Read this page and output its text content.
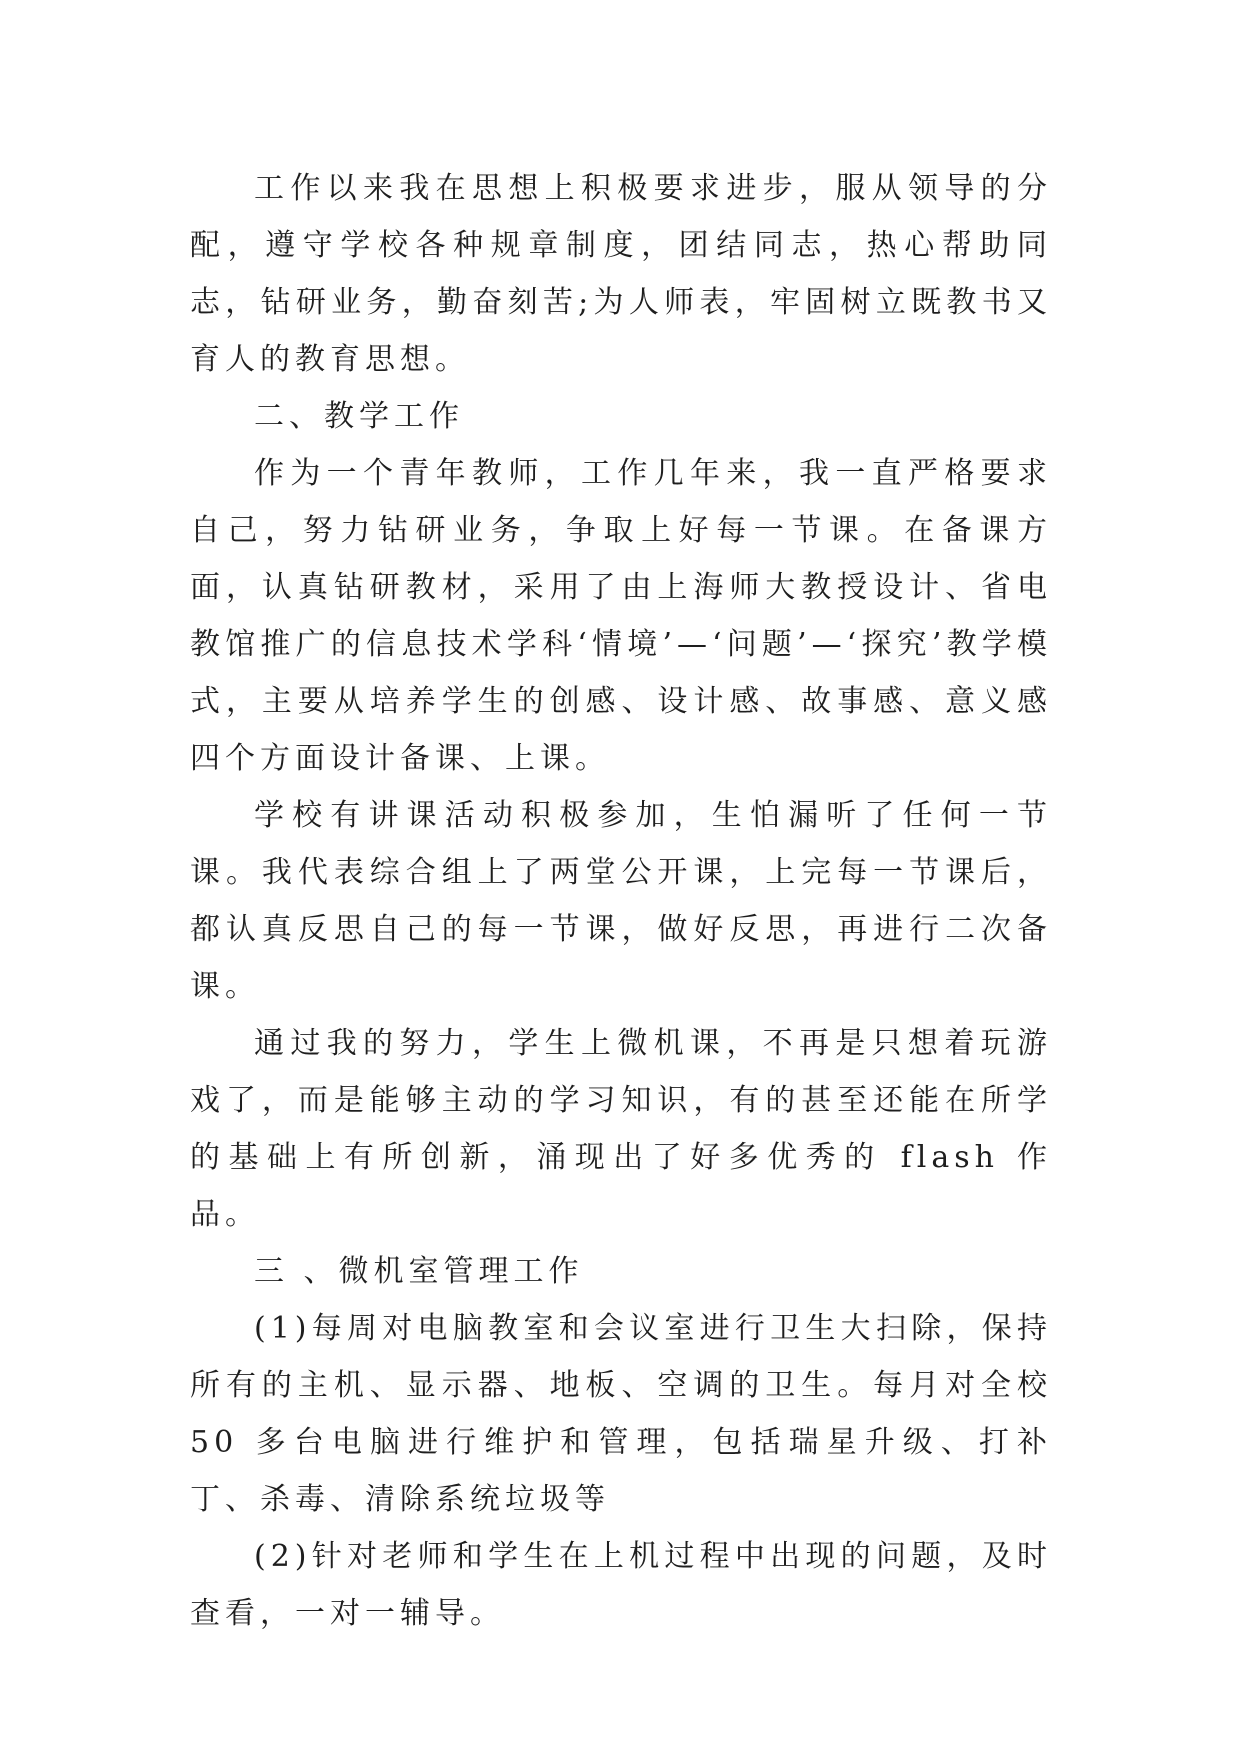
工作以来我在思想上积极要求进步，服从领导的分配，遵守学校各种规章制度，团结同志，热心帮助同志，钻研业务，勤奋刻苦;为人师表，牢固树立既教书又育人的教育思想。

二、教学工作

作为一个青年教师，工作几年来，我一直严格要求自己，努力钻研业务，争取上好每一节课。在备课方面，认真钻研教材，采用了由上海师大教授设计、省电教馆推广的信息技术学科‘情境’—‘问题’—‘探究’教学模式，主要从培养学生的创感、设计感、故事感、意义感四个方面设计备课、上课。

学校有讲课活动积极参加，生怕漏听了任何一节课。我代表综合组上了两堂公开课，上完每一节课后，都认真反思自己的每一节课，做好反思，再进行二次备课。

通过我的努力，学生上微机课，不再是只想着玩游戏了，而是能够主动的学习知识，有的甚至还能在所学的基础上有所创新，涌现出了好多优秀的 flash 作品。

三 、微机室管理工作

(1)每周对电脑教室和会议室进行卫生大扫除，保持所有的主机、显示器、地板、空调的卫生。每月对全校 50 多台电脑进行维护和管理，包括瑞星升级、打补丁、杀毒、清除系统垃圾等

(2)针对老师和学生在上机过程中出现的问题，及时查看，一对一辅导。
